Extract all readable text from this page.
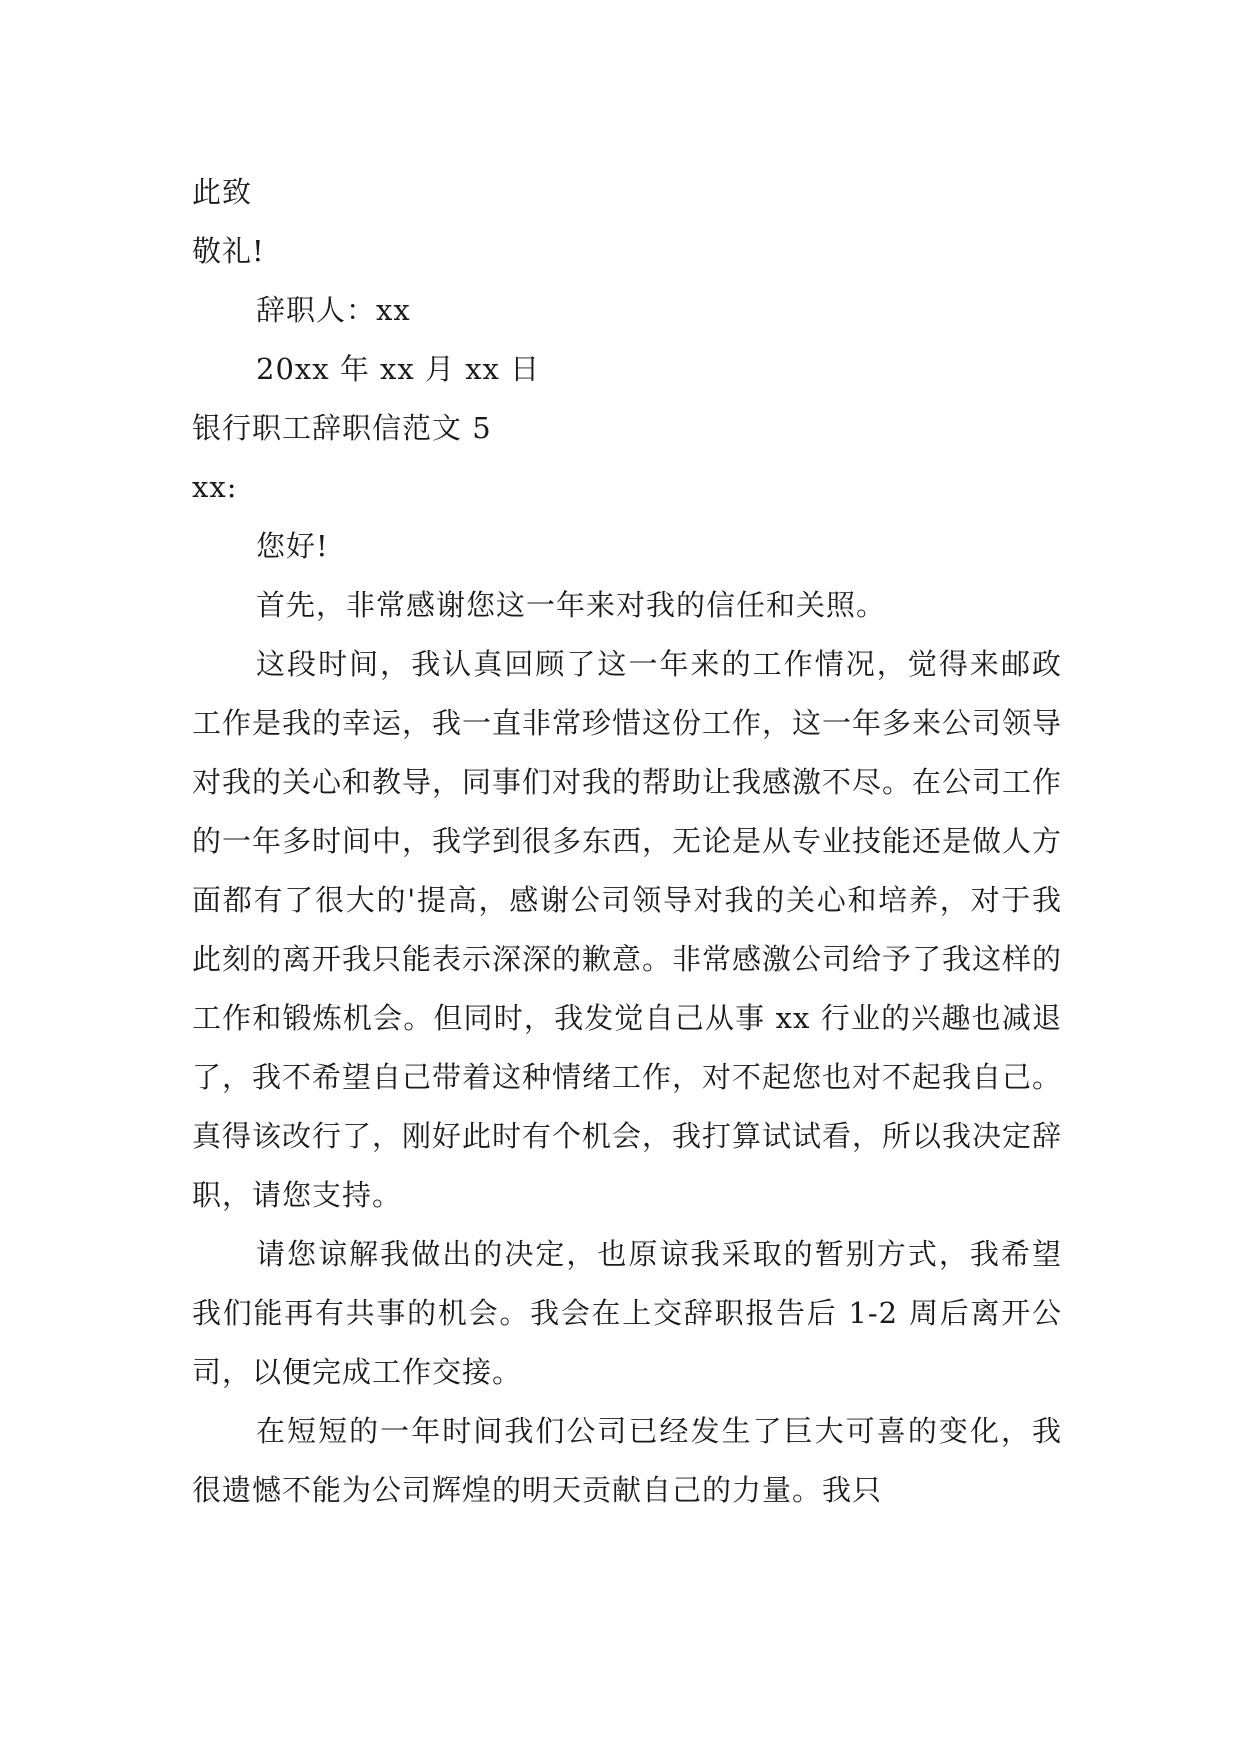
此致
敬礼!
辞职人：xx
20xx 年 xx 月 xx 日
银行职工辞职信范文 5
xx:
您好!

首先，非常感谢您这一年来对我的信任和关照。

这段时间，我认真回顾了这一年来的工作情况，觉得来邮政工作是我的幸运，我一直非常珍惜这份工作，这一年多来公司领导对我的关心和教导，同事们对我的帮助让我感激不尽。在公司工作的一年多时间中，我学到很多东西，无论是从专业技能还是做人方面都有了很大的'提高，感谢公司领导对我的关心和培养，对于我此刻的离开我只能表示深深的歉意。非常感激公司给予了我这样的工作和锻炼机会。但同时，我发觉自己从事 xx 行业的兴趣也减退了，我不希望自己带着这种情绪工作，对不起您也对不起我自己。真得该改行了，刚好此时有个机会，我打算试试看，所以我决定辞职，请您支持。

请您谅解我做出的决定，也原谅我采取的暂别方式，我希望我们能再有共事的机会。我会在上交辞职报告后 1-2 周后离开公司，以便完成工作交接。

在短短的一年时间我们公司已经发生了巨大可喜的变化，我很遗憾不能为公司辉煌的明天贡献自己的力量。我只
